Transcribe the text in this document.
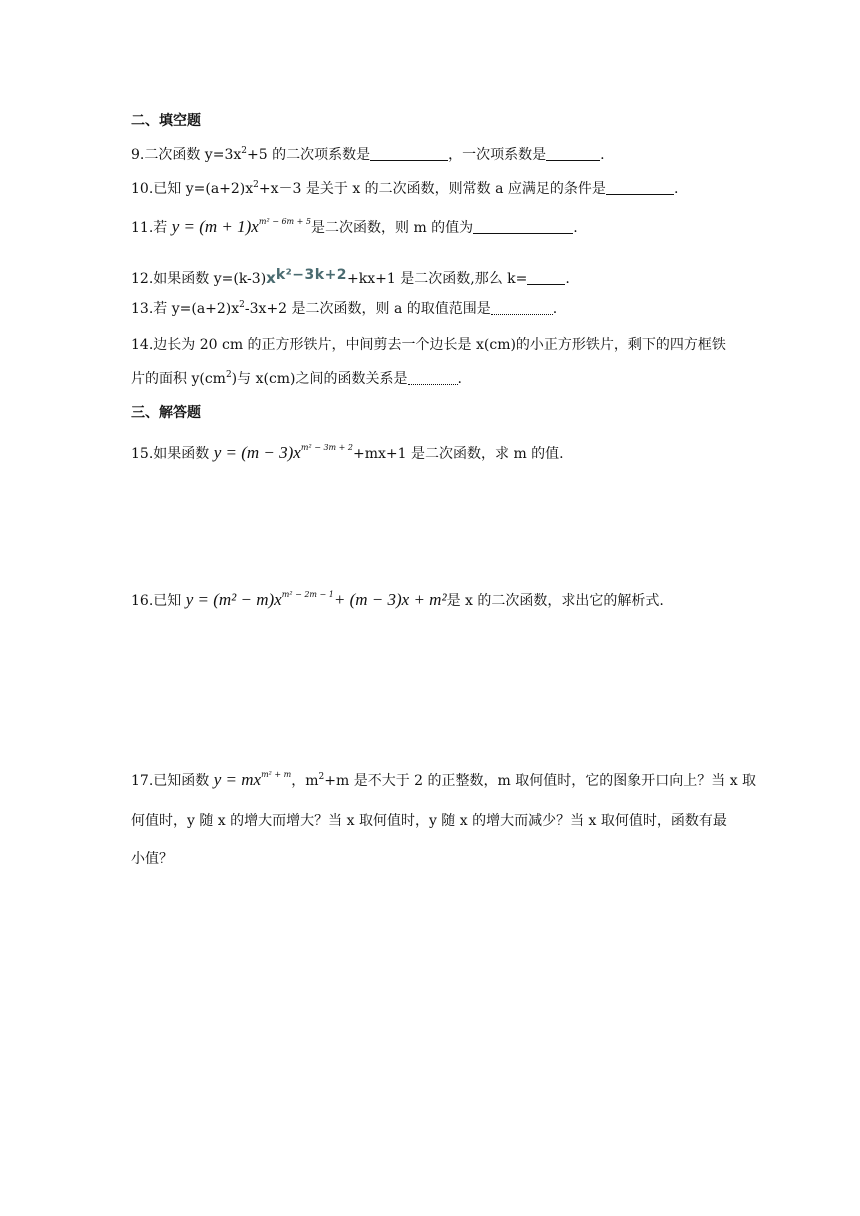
二、填空题
9.二次函数 $y=3x^2+5$ 的二次项系数是	，一次项系数是	.
10.已知 $y=(a+2)x^2+x-3$ 是关于 x 的二次函数，则常数 a 应满足的条件是	.
11.若 $y = (m + 1)x^{m^2 - 6m + 5}$是二次函数，则 m 的值为	.
12.如果函数 y=(k-3)xk²−3k+2+kx+1 是二次函数,那么 k=	.
13.若 $y=(a+2)x^2-3x+2$ 是二次函数，则 a 的取值范围是	.
14.边长为 20 cm 的正方形铁片，中间剪去一个边长是 x(cm)的小正方形铁片，剩下的四方框铁
片的面积 $y(cm^2)$与 x(cm)之间的函数关系是	.
三、解答题
15.如果函数 $y = (m - 3)x^{m^2 - 3m + 2}+mx+1$ 是二次函数，求 m 的值.
16.已知 $y = (m^2 - m)x^{m^2 - 2m - 1}+ (m - 3)x + m^2$是 x 的二次函数，求出它的解析式.
17.已知函数 $y = mx^{m^2 + m}$，$m^2+m$ 是不大于 2 的正整数，m 取何值时，它的图象开口向上？当 x 取
何值时，y 随 x 的增大而增大？当 x 取何值时，y 随 x 的增大而减少？当 x 取何值时，函数有最
小值？
